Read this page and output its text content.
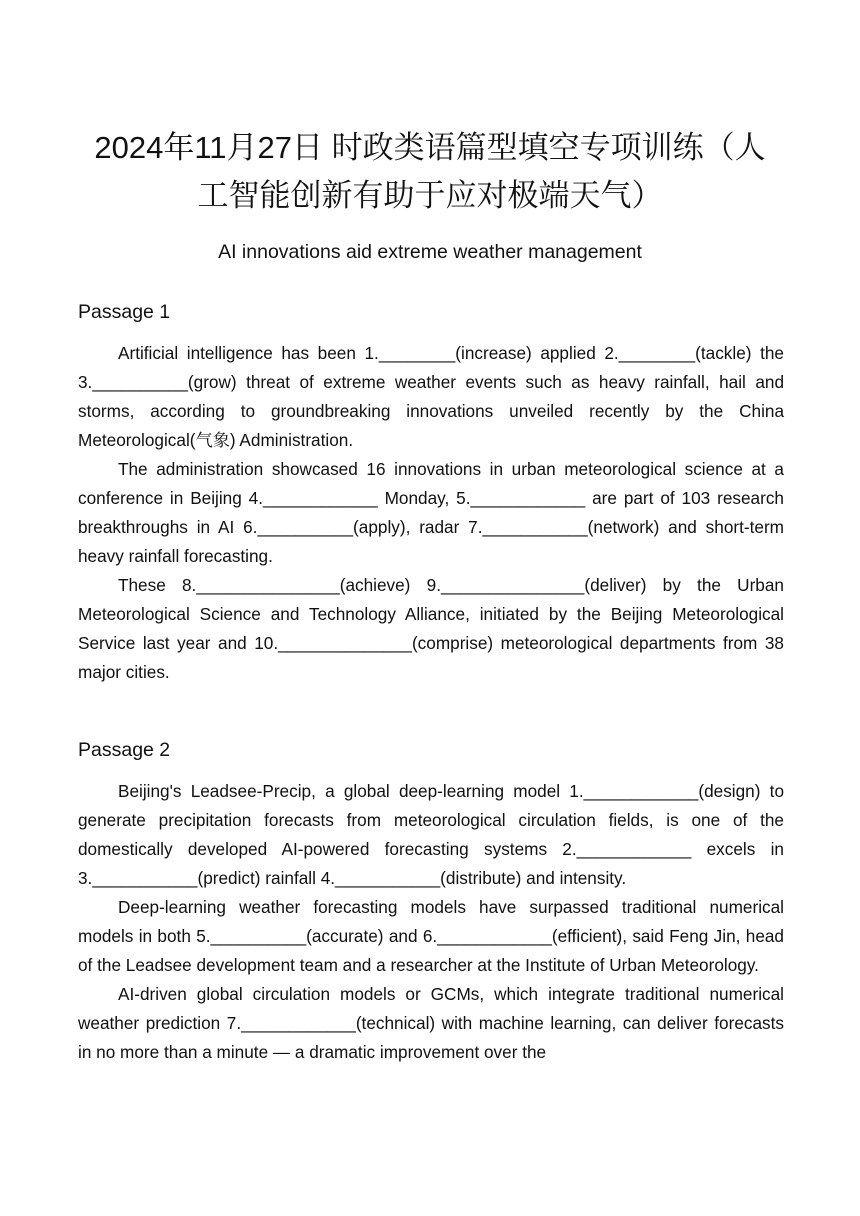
2024年11月27日 时政类语篇型填空专项训练（人
工智能创新有助于应对极端天气）

AI innovations aid extreme weather management

Passage 1

Artificial intelligence has been 1.________(increase) applied 2.________(tackle) the 3.__________(grow) threat of extreme weather events such as heavy rainfall, hail and storms, according to groundbreaking innovations unveiled recently by the China Meteorological(气象) Administration.

The administration showcased 16 innovations in urban meteorological science at a conference in Beijing 4.____________ Monday, 5.____________ are part of 103 research breakthroughs in AI 6.__________(apply), radar 7.___________(network) and short-term heavy rainfall forecasting.

These 8._______________(achieve) 9._______________(deliver) by the Urban Meteorological Science and Technology Alliance, initiated by the Beijing Meteorological Service last year and 10.______________(comprise) meteorological departments from 38 major cities.

Passage 2

Beijing's Leadsee-Precip, a global deep-learning model 1.____________(design) to generate precipitation forecasts from meteorological circulation fields, is one of the domestically developed AI-powered forecasting systems 2.____________ excels in 3.___________(predict) rainfall 4.___________(distribute) and intensity.

Deep-learning weather forecasting models have surpassed traditional numerical models in both 5.__________(accurate) and 6.____________(efficient), said Feng Jin, head of the Leadsee development team and a researcher at the Institute of Urban Meteorology.

AI-driven global circulation models or GCMs, which integrate traditional numerical weather prediction 7.____________(technical) with machine learning, can deliver forecasts in no more than a minute — a dramatic improvement over the
